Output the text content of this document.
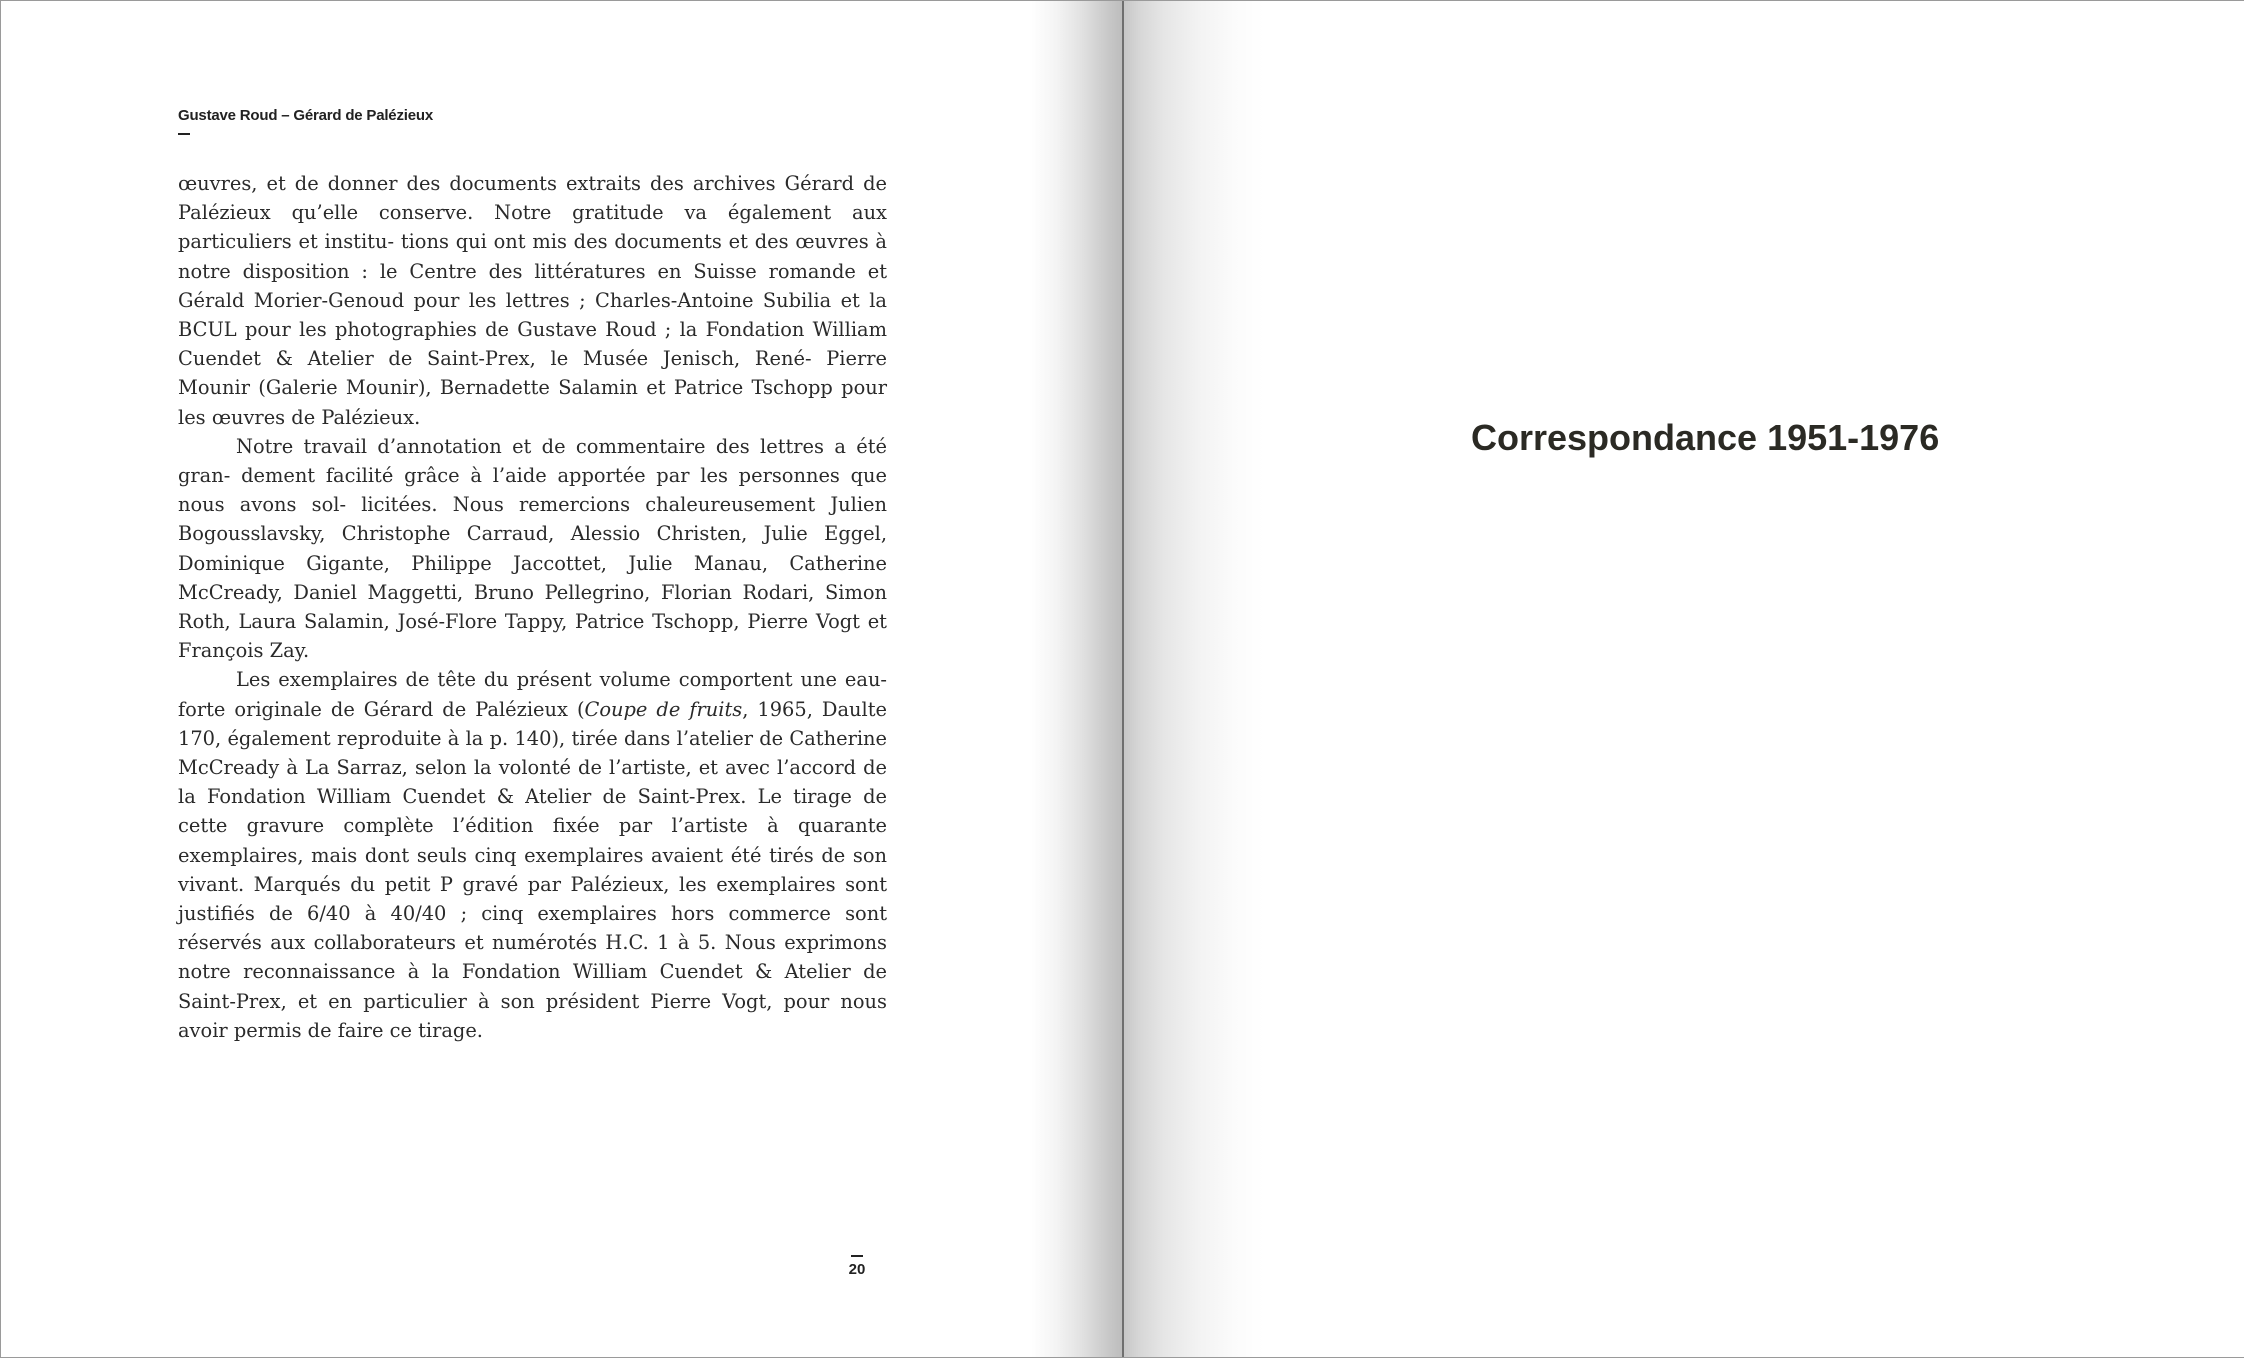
Gustave Roud – Gérard de Palézieux

œuvres, et de donner des documents extraits des archives Gérard de Palézieux qu’elle conserve. Notre gratitude va également aux particuliers et institu- tions qui ont mis des documents et des œuvres à notre disposition : le Centre des littératures en Suisse romande et Gérald Morier-Genoud pour les lettres ; Charles-Antoine Subilia et la BCUL pour les photographies de Gustave Roud ; la Fondation William Cuendet & Atelier de Saint-Prex, le Musée Jenisch, René- Pierre Mounir (Galerie Mounir), Bernadette Salamin et Patrice Tschopp pour les œuvres de Palézieux.

Notre travail d’annotation et de commentaire des lettres a été gran- dement facilité grâce à l’aide apportée par les personnes que nous avons sol- licitées. Nous remercions chaleureusement Julien Bogousslavsky, Christophe Carraud, Alessio Christen, Julie Eggel, Dominique Gigante, Philippe Jaccottet, Julie Manau, Catherine McCready, Daniel Maggetti, Bruno Pellegrino, Florian Rodari, Simon Roth, Laura Salamin, José-Flore Tappy, Patrice Tschopp, Pierre Vogt et François Zay.

Les exemplaires de tête du présent volume comportent une eau-forte originale de Gérard de Palézieux (Coupe de fruits, 1965, Daulte 170, également reproduite à la p. 140), tirée dans l’atelier de Catherine McCready à La Sarraz, selon la volonté de l’artiste, et avec l’accord de la Fondation William Cuendet & Atelier de Saint-Prex. Le tirage de cette gravure complète l’édition fixée par l’artiste à quarante exemplaires, mais dont seuls cinq exemplaires avaient été tirés de son vivant. Marqués du petit P gravé par Palézieux, les exemplaires sont justifiés de 6/40 à 40/40 ; cinq exemplaires hors commerce sont réservés aux collaborateurs et numérotés H.C. 1 à 5. Nous exprimons notre reconnaissance à la Fondation William Cuendet & Atelier de Saint-Prex, et en particulier à son président Pierre Vogt, pour nous avoir permis de faire ce tirage.

20
Correspondance 1951-1976
